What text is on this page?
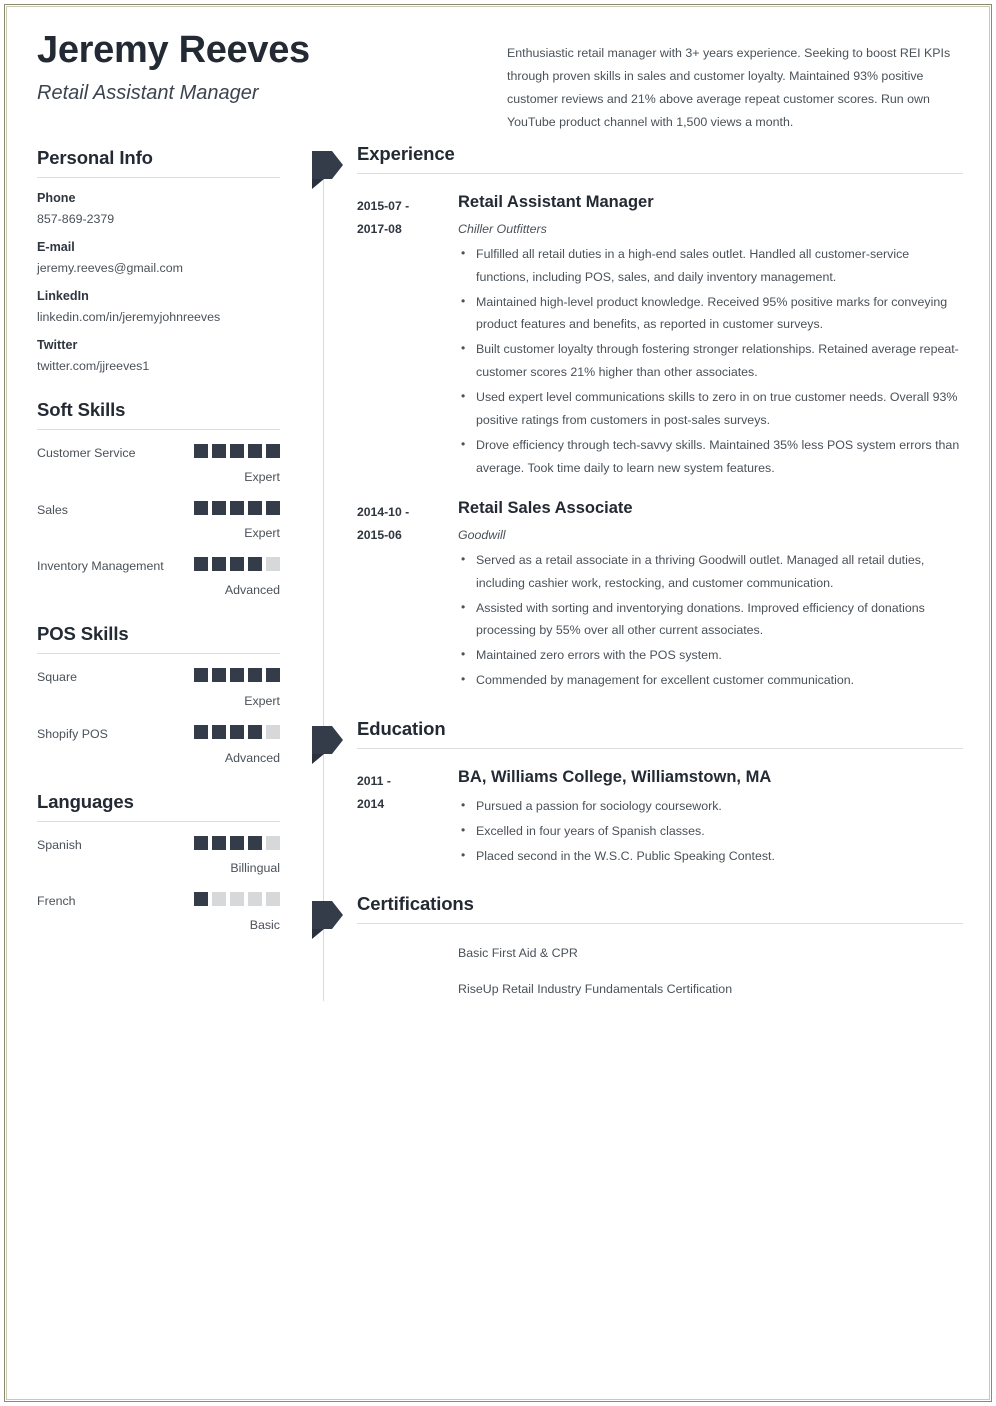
Jeremy Reeves
Retail Assistant Manager
Enthusiastic retail manager with 3+ years experience. Seeking to boost REI KPIs through proven skills in sales and customer loyalty. Maintained 93% positive customer reviews and 21% above average repeat customer scores. Run own YouTube product channel with 1,500 views a month.
Personal Info
Phone
857-869-2379
E-mail
jeremy.reeves@gmail.com
LinkedIn
linkedin.com/in/jeremyjohnreeves
Twitter
twitter.com/jjreeves1
Soft Skills
Customer Service
Expert
Sales
Expert
Inventory Management
Advanced
POS Skills
Square
Expert
Shopify POS
Advanced
Languages
Spanish
Billingual
French
Basic
Experience
2015-07 -
2017-08
Retail Assistant Manager
Chiller Outfitters
• Fulfilled all retail duties in a high-end sales outlet. Handled all customer-service functions, including POS, sales, and daily inventory management.
• Maintained high-level product knowledge. Received 95% positive marks for conveying product features and benefits, as reported in customer surveys.
• Built customer loyalty through fostering stronger relationships. Retained average repeat-customer scores 21% higher than other associates.
• Used expert level communications skills to zero in on true customer needs. Overall 93% positive ratings from customers in post-sales surveys.
• Drove efficiency through tech-savvy skills. Maintained 35% less POS system errors than average. Took time daily to learn new system features.
2014-10 -
2015-06
Retail Sales Associate
Goodwill
• Served as a retail associate in a thriving Goodwill outlet. Managed all retail duties, including cashier work, restocking, and customer communication.
• Assisted with sorting and inventorying donations. Improved efficiency of donations processing by 55% over all other current associates.
• Maintained zero errors with the POS system.
• Commended by management for excellent customer communication.
Education
2011 -
2014
BA, Williams College, Williamstown, MA
• Pursued a passion for sociology coursework.
• Excelled in four years of Spanish classes.
• Placed second in the W.S.C. Public Speaking Contest.
Certifications
Basic First Aid & CPR
RiseUp Retail Industry Fundamentals Certification
